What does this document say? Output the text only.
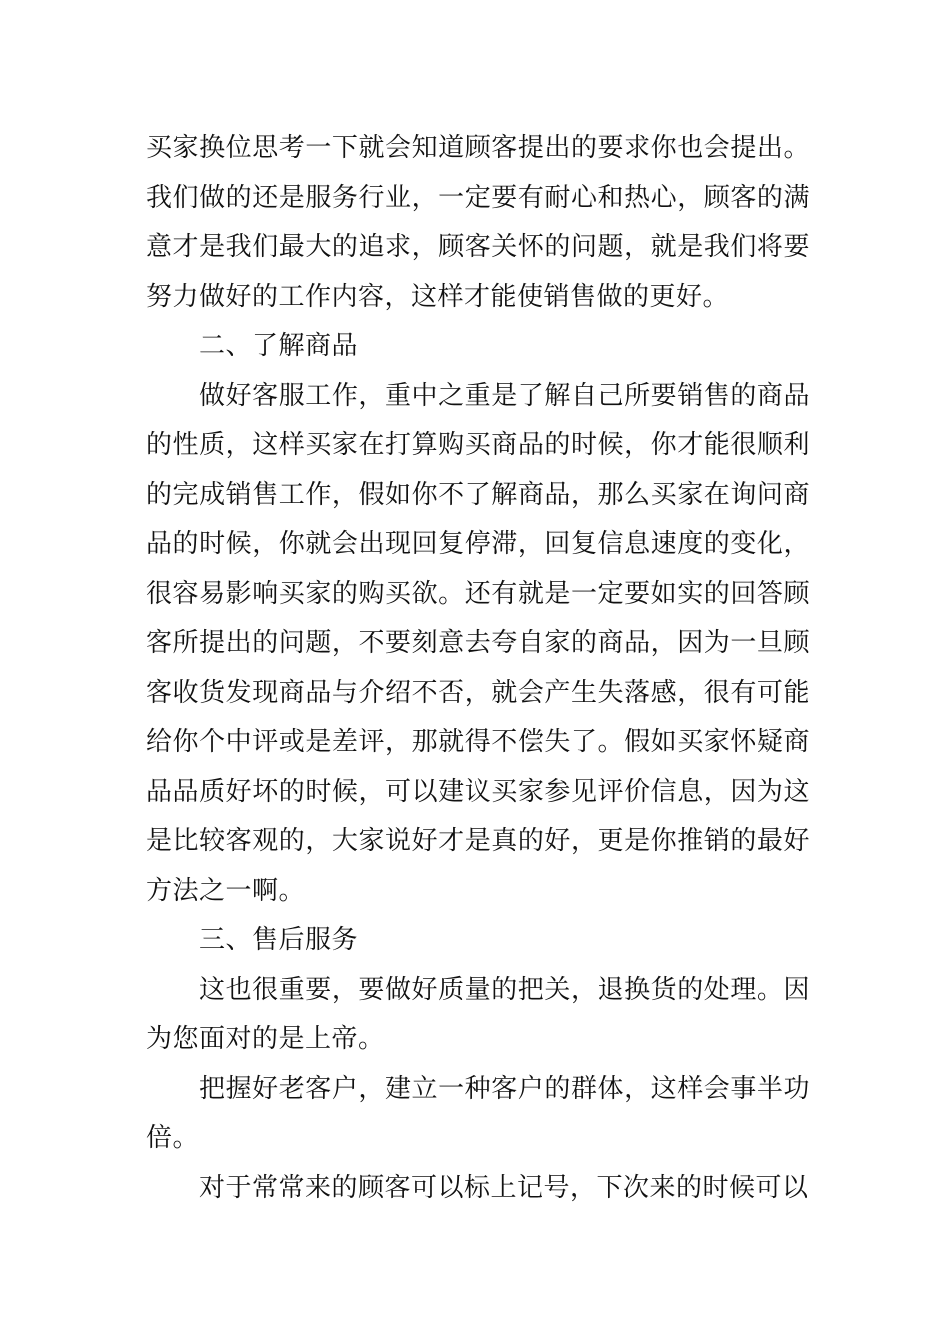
买家换位思考一下就会知道顾客提出的要求你也会提出。我们做的还是服务行业，一定要有耐心和热心，顾客的满意才是我们最大的追求，顾客关怀的问题，就是我们将要努力做好的工作内容，这样才能使销售做的更好。

二、了解商品

做好客服工作，重中之重是了解自己所要销售的商品的性质，这样买家在打算购买商品的时候，你才能很顺利的完成销售工作，假如你不了解商品，那么买家在询问商品的时候，你就会出现回复停滞，回复信息速度的变化，很容易影响买家的购买欲。还有就是一定要如实的回答顾客所提出的问题，不要刻意去夸自家的商品，因为一旦顾客收货发现商品与介绍不否，就会产生失落感，很有可能给你个中评或是差评，那就得不偿失了。假如买家怀疑商品品质好坏的时候，可以建议买家参见评价信息，因为这是比较客观的，大家说好才是真的好，更是你推销的最好方法之一啊。

三、售后服务

这也很重要，要做好质量的把关，退换货的处理。因为您面对的是上帝。

把握好老客户，建立一种客户的群体，这样会事半功倍。

对于常常来的顾客可以标上记号，下次来的时候可以
